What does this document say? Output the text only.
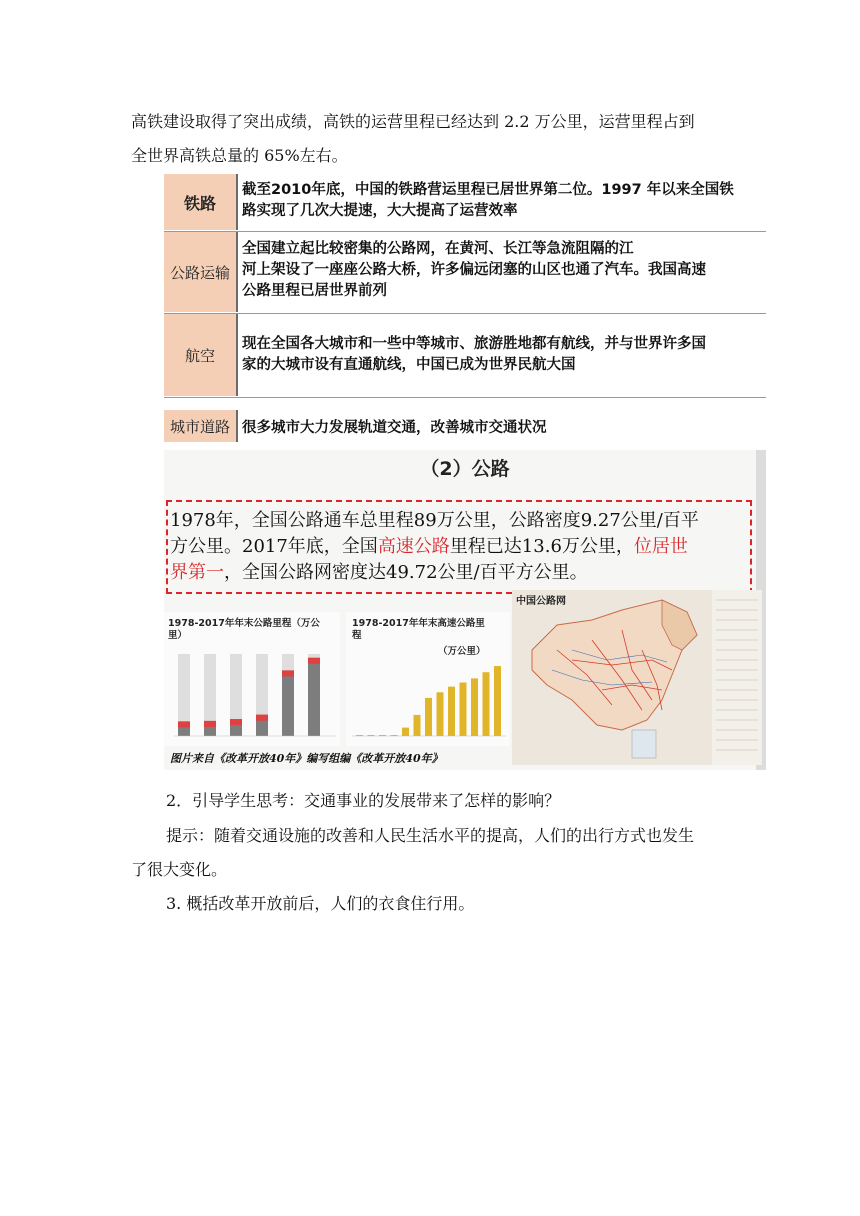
高铁建设取得了突出成绩，高铁的运营里程已经达到 2.2 万公里，运营里程占到
全世界高铁总量的 65%左右。
铁路
截至2010年底，中国的铁路营运里程已居世界第二位。1997 年以来全国铁
路实现了几次大提速，大大提高了运营效率
公路运输
全国建立起比较密集的公路网，在黄河、长江等急流阻隔的江
河上架设了一座座公路大桥，许多偏远闭塞的山区也通了汽车。我国高速
公路里程已居世界前列
航空
现在全国各大城市和一些中等城市、旅游胜地都有航线，并与世界许多国
家的大城市设有直通航线，中国已成为世界民航大国
城市道路 很多城市大力发展轨道交通，改善城市交通状况
（2）公路
1978年，全国公路通车总里程89万公里，公路密度9.27公里/百平
方公里。2017年底，全国高速公路里程已达13.6万公里，位居世
界第一，全国公路网密度达49.72公里/百平方公里。
1978-2017年年末公路里程（万公
里）
1978-2017年年末高速公路里
程
（万公里）
中国公路网
图片来自《改革开放40年》编写组编《改革开放40年》
2．引导学生思考：交通事业的发展带来了怎样的影响？
提示：随着交通设施的改善和人民生活水平的提高，人们的出行方式也发生
了很大变化。
3. 概括改革开放前后，人们的衣食住行用。
